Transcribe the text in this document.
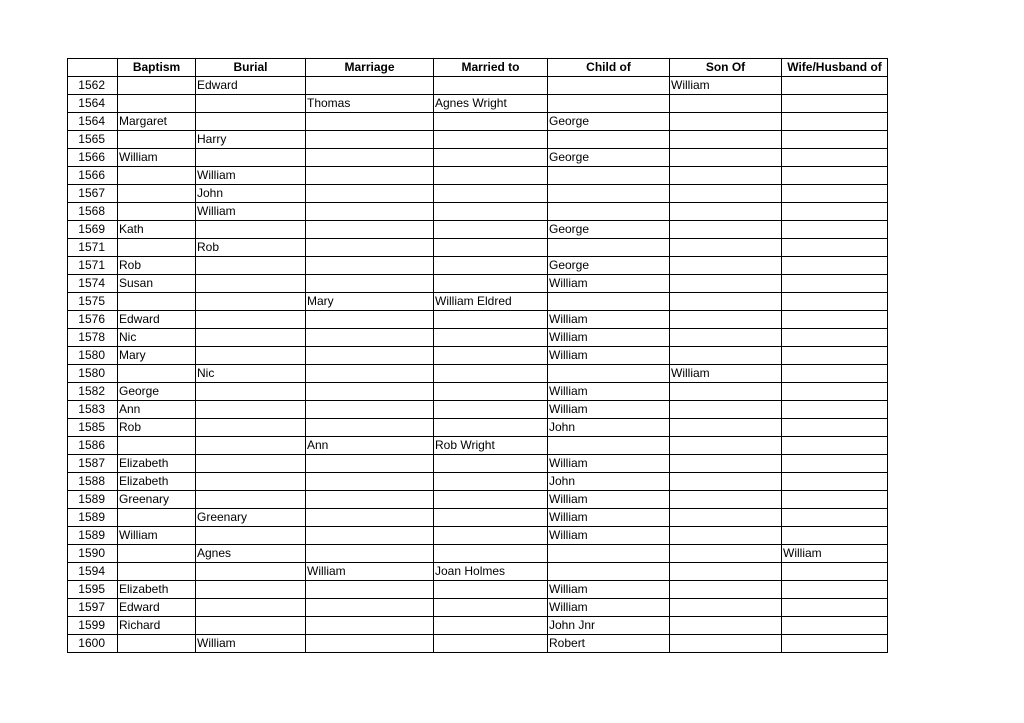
	Baptism	Burial	Marriage	Married to	Child of	Son Of	Wife/Husband of
1562		Edward				William	
1564			Thomas	Agnes Wright			
1564	Margaret				George		
1565		Harry					
1566	William				George		
1566		William					
1567		John					
1568		William					
1569	Kath				George		
1571		Rob					
1571	Rob				George		
1574	Susan				William		
1575			Mary	William Eldred			
1576	Edward				William		
1578	Nic				William		
1580	Mary				William		
1580		Nic				William	
1582	George				William		
1583	Ann				William		
1585	Rob				John		
1586			Ann	Rob Wright			
1587	Elizabeth				William		
1588	Elizabeth				John		
1589	Greenary				William		
1589		Greenary			William		
1589	William				William		
1590		Agnes					William
1594			William	Joan Holmes			
1595	Elizabeth				William		
1597	Edward				William		
1599	Richard				John Jnr		
1600		William			Robert		
